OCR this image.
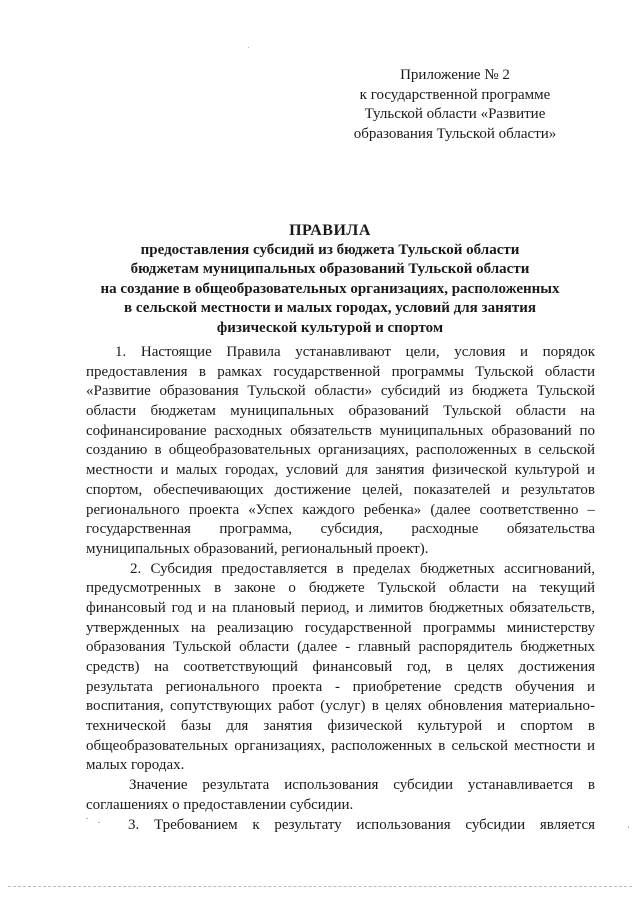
Приложение № 2
к государственной программе
Тульской области «Развитие
образования Тульской области»
ПРАВИЛА
предоставления субсидий из бюджета Тульской области
бюджетам муниципальных образований Тульской области
на создание в общеобразовательных организациях, расположенных
в сельской местности и малых городах, условий для занятия
физической культурой и спортом
1. Настоящие Правила устанавливают цели, условия и порядок
предоставления в рамках государственной программы Тульской области
«Развитие образования Тульской области» субсидий из бюджета Тульской
области бюджетам муниципальных образований Тульской области на
софинансирование расходных обязательств муниципальных образований по
созданию в общеобразовательных организациях, расположенных в сельской
местности и малых городах, условий для занятия физической культурой и
спортом, обеспечивающих достижение целей, показателей и результатов
регионального проекта «Успех каждого ребенка» (далее соответственно –
государственная программа, субсидия, расходные обязательства
муниципальных образований, региональный проект).
2. Субсидия предоставляется в пределах бюджетных ассигнований,
предусмотренных в законе о бюджете Тульской области на текущий
финансовый год и на плановый период, и лимитов бюджетных обязательств,
утвержденных на реализацию государственной программы министерству
образования Тульской области (далее - главный распорядитель бюджетных
средств) на соответствующий финансовый год, в целях достижения
результата регионального проекта - приобретение средств обучения и
воспитания, сопутствующих работ (услуг) в целях обновления материально-
технической базы для занятия физической культурой и спортом в
общеобразовательных организациях, расположенных в сельской местности и
малых городах.
Значение результата использования субсидии устанавливается в
соглашениях о предоставлении субсидии.
3. Требованием к результату использования субсидии является
